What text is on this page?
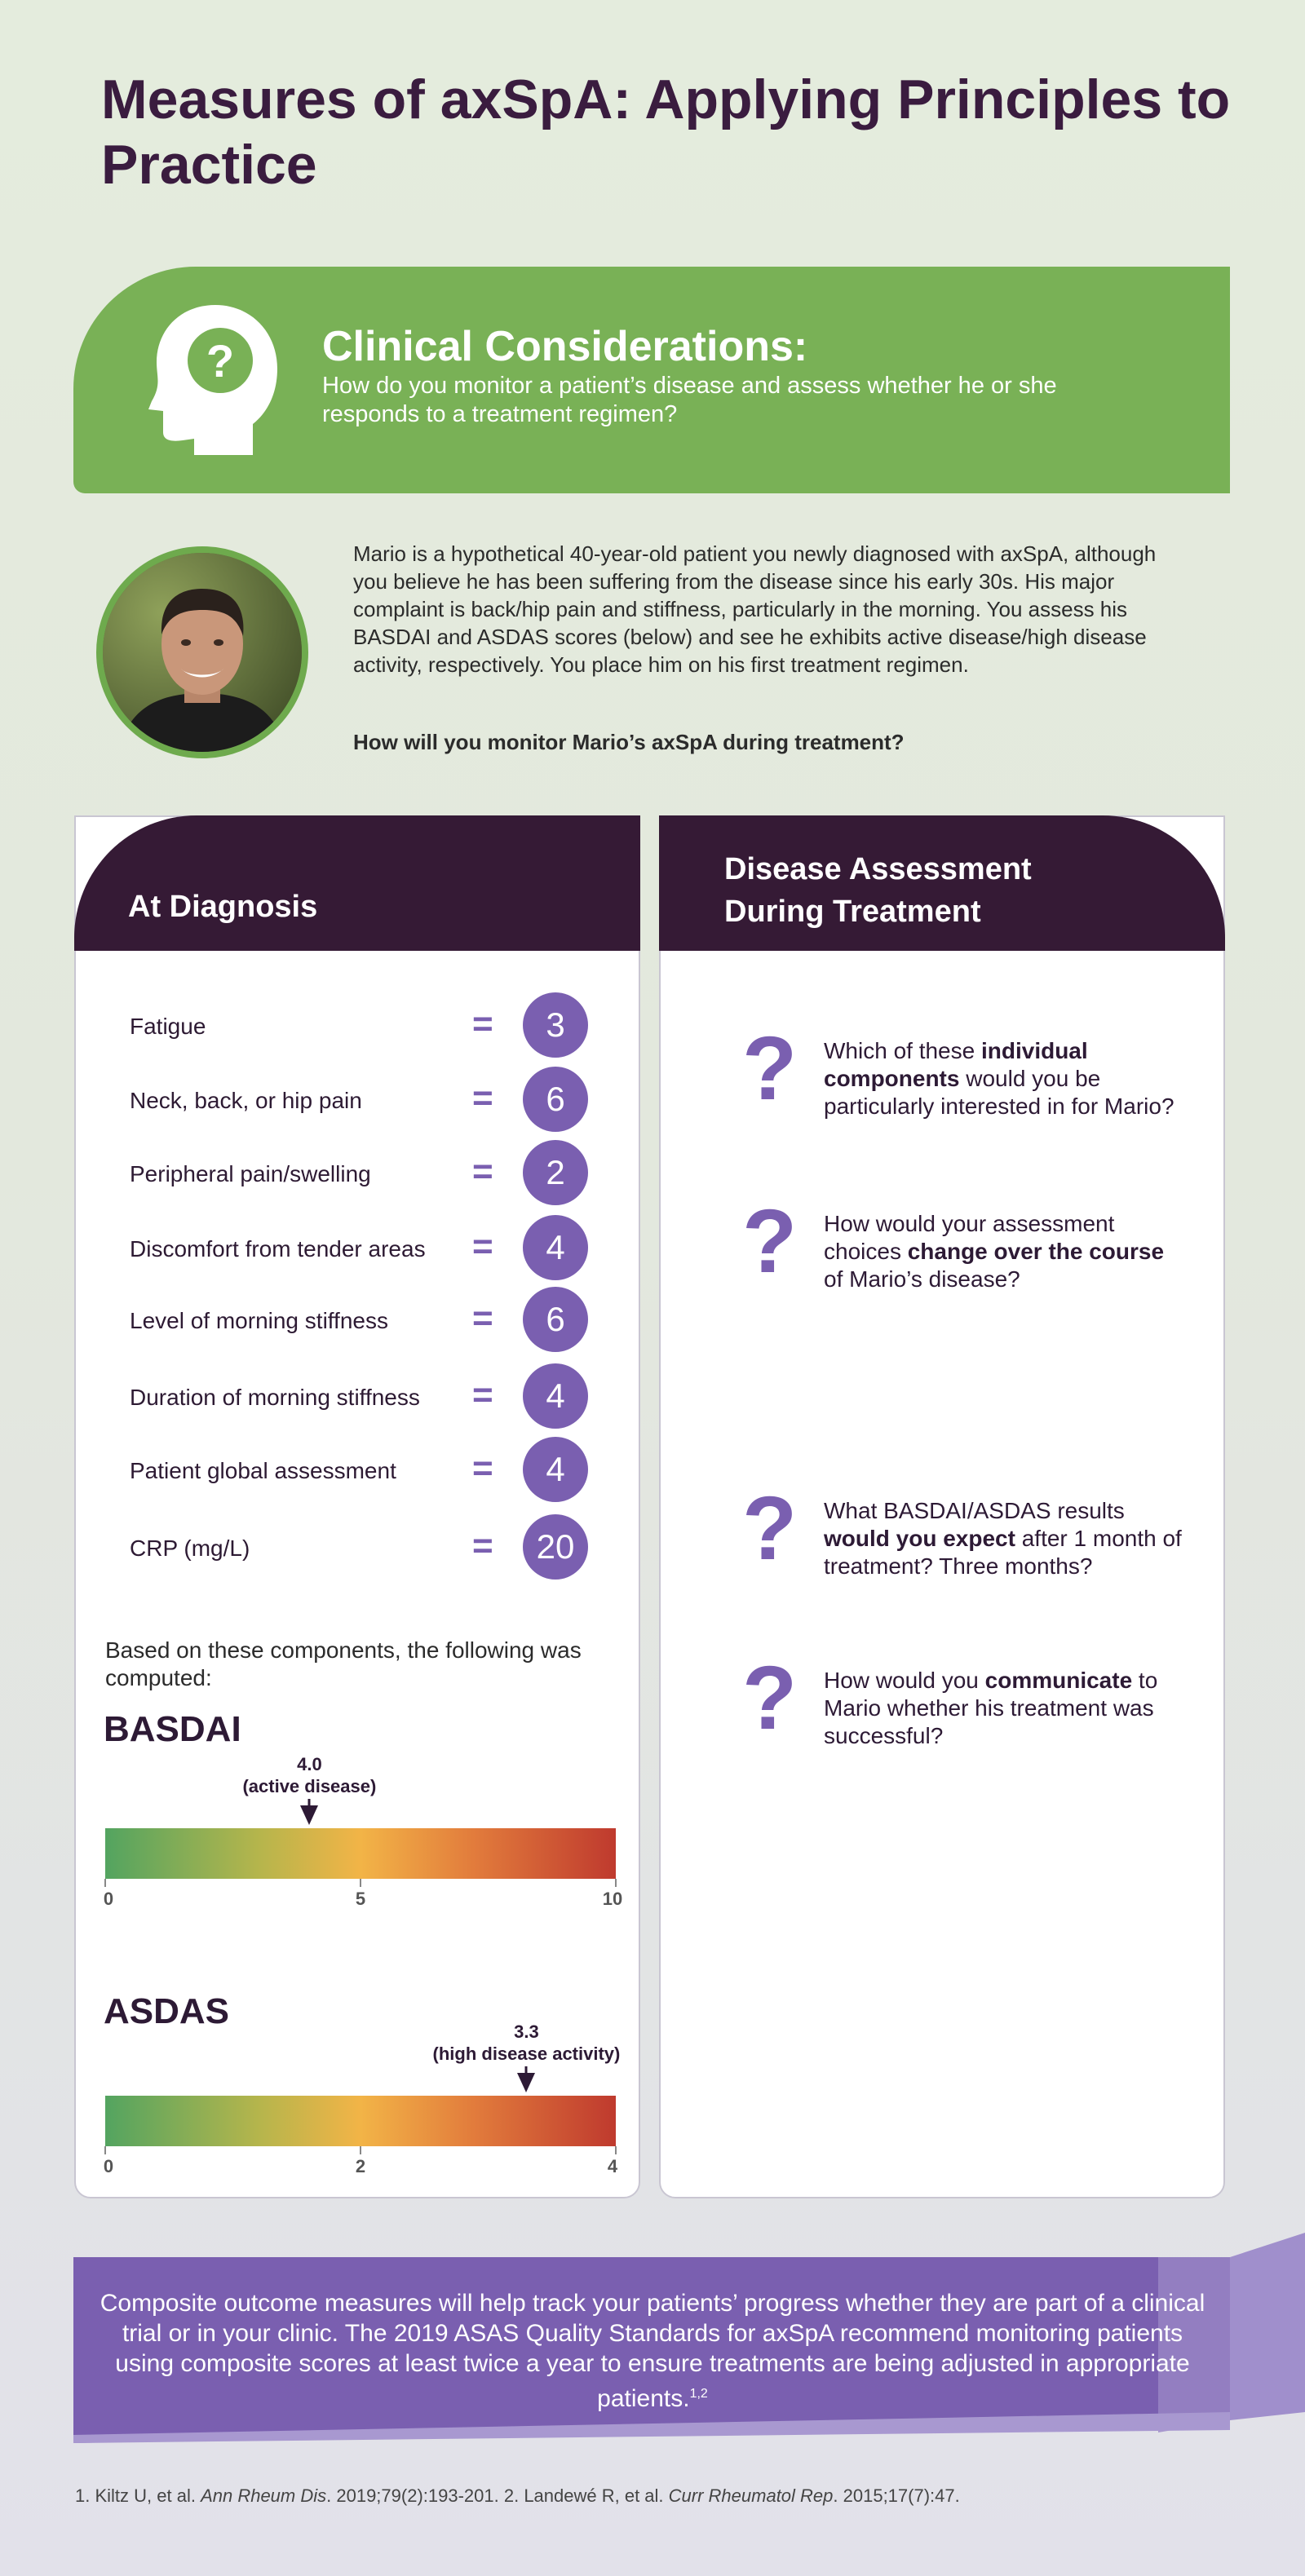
Measures of axSpA: Applying Principles to Practice
? Clinical Considerations:
How do you monitor a patient’s disease and assess whether he or she responds to a treatment regimen?
Mario is a hypothetical 40-year-old patient you newly diagnosed with axSpA, although you believe he has been suffering from the disease since his early 30s. His major complaint is back/hip pain and stiffness, particularly in the morning. You assess his BASDAI and ASDAS scores (below) and see he exhibits active disease/high disease activity, respectively. You place him on his first treatment regimen.
How will you monitor Mario’s axSpA during treatment?
At Diagnosis
Fatigue	=	3
Neck, back, or hip pain	=	6
Peripheral pain/swelling	=	2
Discomfort from tender areas =	4
Level of morning stiffness =	6
Duration of morning stiffness =	4
Patient global assessment =	4
CRP (mg/L)	=	20
Based on these components, the following was computed:
BASDAI
0	5	10
4.0
(active disease)
ASDAS
0	2	4
3.3
(high disease activity)
Disease Assessment
During Treatment
? Which of these individual components would you be particularly interested in for Mario?
? How would your assessment choices change over the course of Mario’s disease?
? What BASDAI/ASDAS results would you expect after 1 month of treatment? Three months?
? How would you communicate to Mario whether his treatment was successful?
Composite outcome measures will help track your patients’ progress whether they are part of a clinical trial or in your clinic. The 2019 ASAS Quality Standards for axSpA recommend monitoring patients using composite scores at least twice a year to ensure treatments are being adjusted in appropriate patients.$^{1,2}$
1. Kiltz U, et al. Ann Rheum Dis. 2019;79(2):193-201. 2. Landewé R, et al. Curr Rheumatol Rep. 2015;17(7):47.
